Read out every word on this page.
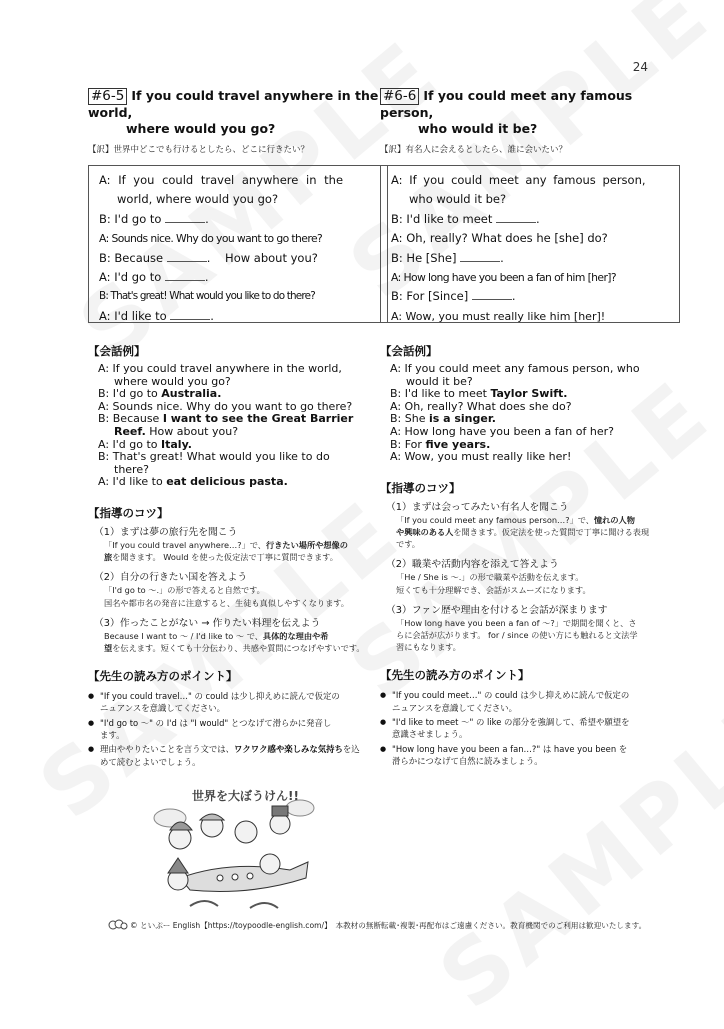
24
#6-5 If you could travel anywhere in the world,
where would you go?
【訳】世界中どこでも行けるとしたら、どこに行きたい？
A: If you could travel anywhere in the
world, where would you go?
B: I'd go to	.
A: Sounds nice. Why do you want to go there?
B: Because	.    How about you?
A: I'd go to	.
B: That's great! What would you like to do there?
A: I'd like to	.
【会話例】
A: If you could travel anywhere in the world,
where would you go?
B: I'd go to Australia.
A: Sounds nice. Why do you want to go there?
B: Because I want to see the Great Barrier
Reef. How about you?
A: I'd go to Italy.
B: That's great! What would you like to do
there?
A: I'd like to eat delicious pasta.
【指導のコツ】
（1）まずは夢の旅行先を聞こう
「If you could travel anywhere…?」で、行きたい場所や想像の
旅を聞きます。 Would を使った仮定法で丁寧に質問できます。
（2）自分の行きたい国を答えよう
「I'd go to ～.」の形で答えると自然です。
国名や都市名の発音に注意すると、生徒も真似しやすくなります。
（3）作ったことがない → 作りたい料理を伝えよう
Because I want to ～ / I'd like to ～ で、具体的な理由や希
望を伝えます。短くても十分伝わり、共感や質問につなげやすいです。
【先生の読み方のポイント】
● "If you could travel…" の could は少し抑えめに読んで仮定の
ニュアンスを意識してください。
● "I'd go to ～" の I'd は "I would" とつなげて滑らかに発音し
ます。
● 理由ややりたいことを言う文では、ワクワク感や楽しみな気持ちを込
めて読むとよいでしょう。
#6-6 If you could meet any famous person,
who would it be?
【訳】有名人に会えるとしたら、誰に会いたい？
A: If you could meet any famous person,
who would it be?
B: I'd like to meet	.
A: Oh, really? What does he [she] do?
B: He [She]	.
A: How long have you been a fan of him [her]?
B: For [Since]	.
A: Wow, you must really like him [her]!
【会話例】
A: If you could meet any famous person, who
would it be?
B: I'd like to meet Taylor Swift.
A: Oh, really? What does she do?
B: She is a singer.
A: How long have you been a fan of her?
B: For five years.
A: Wow, you must really like her!
【指導のコツ】
（1）まずは会ってみたい有名人を聞こう
「If you could meet any famous person…?」で、憧れの人物
や興味のある人を聞きます。仮定法を使った質問で丁寧に聞ける表現
です。
（2）職業や活動内容を添えて答えよう
「He / She is ～.」の形で職業や活動を伝えます。
短くても十分理解でき、会話がスムーズになります。
（3）ファン歴や理由を付けると会話が深まります
「How long have you been a fan of ～?」で期間を聞くと、さ
らに会話が広がります。 for / since の使い方にも触れると文法学
習にもなります。
【先生の読み方のポイント】
● "If you could meet…" の could は少し抑えめに読んで仮定の
ニュアンスを意識してください。
● "I'd like to meet ～" の like の部分を強調して、希望や願望を
意識させましょう。
● "How long have you been a fan…?" は have you been を
滑らかにつなげて自然に読みましょう。
世界を大ぼうけん!!
© といぷー English【https://toypoodle-english.com/】　本教材の無断転載･複製･再配布はご遠慮ください。教育機関でのご利用は歓迎いたします。
